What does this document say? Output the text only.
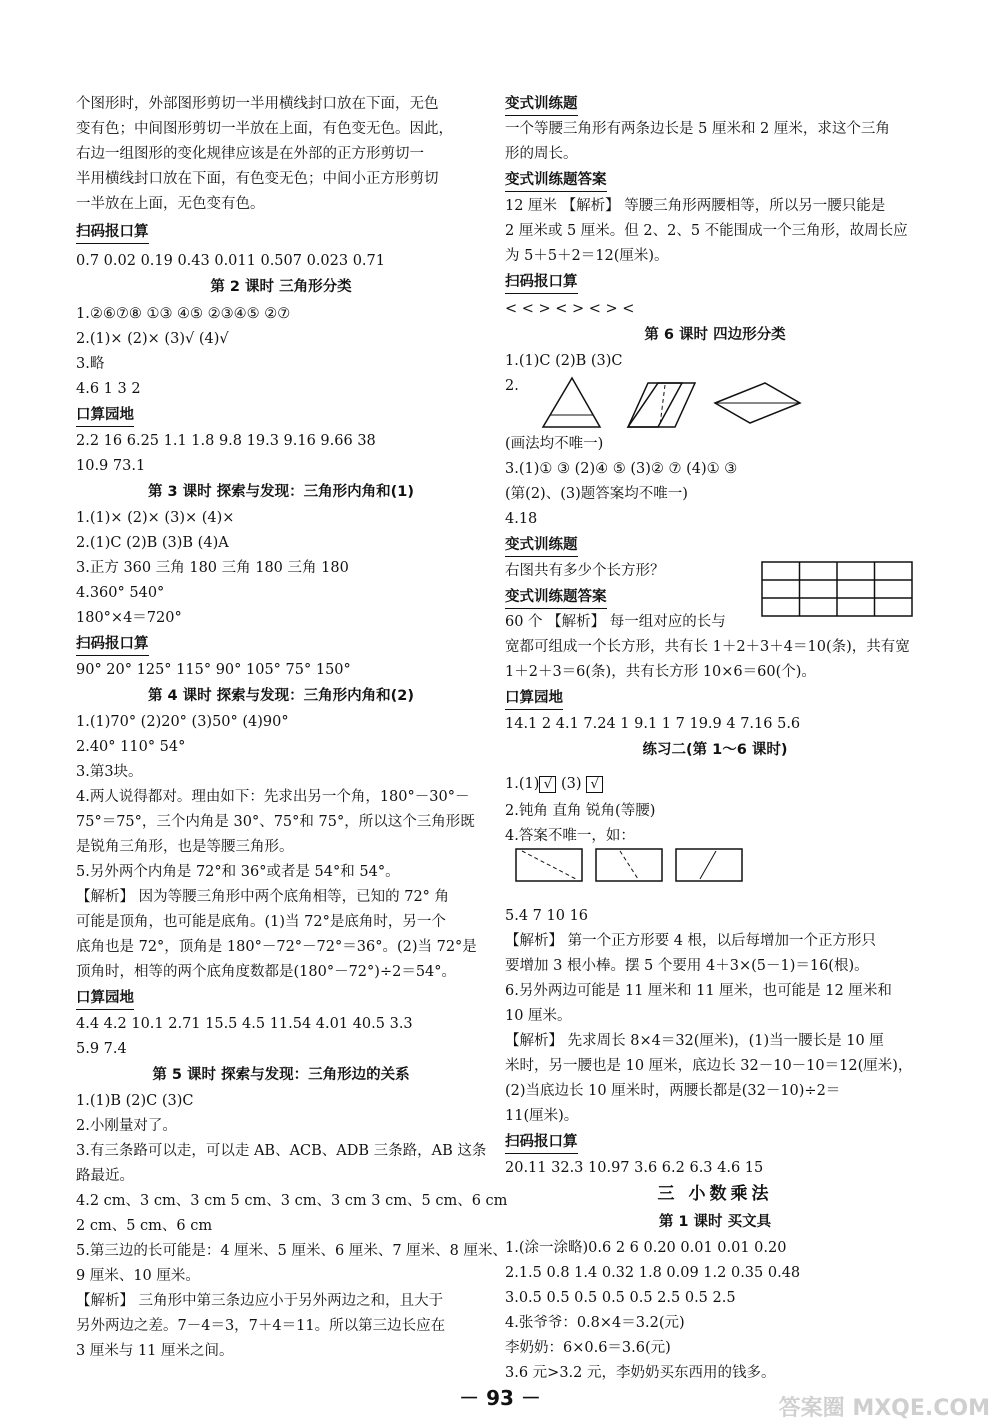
个图形时，外部图形剪切一半用横线封口放在下面，无色
变有色；中间图形剪切一半放在上面，有色变无色。因此，
右边一组图形的变化规律应该是在外部的正方形剪切一
半用横线封口放在下面，有色变无色；中间小正方形剪切
一半放在上面，无色变有色。
扫码报口算
0.7 0.02 0.19 0.43 0.011 0.507 0.023 0.71
第 2 课时 三角形分类
1.②⑥⑦⑧ ①③ ④⑤ ②③④⑤ ②⑦
2.(1)× (2)× (3)√ (4)√
3.略
4.6 1 3 2
口算园地
2.2 16 6.25 1.1 1.8 9.8 19.3 9.16 9.66 38
10.9 73.1
第 3 课时 探索与发现：三角形内角和(1)
1.(1)× (2)× (3)× (4)×
2.(1)C (2)B (3)B (4)A
3.正方 360 三角 180 三角 180 三角 180
4.360° 540°
180°×4＝720°
扫码报口算
90° 20° 125° 115° 90° 105° 75° 150°
第 4 课时 探索与发现：三角形内角和(2)
1.(1)70° (2)20° (3)50° (4)90°
2.40° 110° 54°
3.第3块。
4.两人说得都对。理由如下：先求出另一个角，180°－30°－
75°＝75°，三个内角是 30°、75°和 75°，所以这个三角形既
是锐角三角形，也是等腰三角形。
5.另外两个内角是 72°和 36°或者是 54°和 54°。
【解析】 因为等腰三角形中两个底角相等，已知的 72° 角
可能是顶角，也可能是底角。(1)当 72°是底角时，另一个
底角也是 72°，顶角是 180°－72°－72°＝36°。(2)当 72°是
顶角时，相等的两个底角度数都是(180°－72°)÷2＝54°。
口算园地
4.4 4.2 10.1 2.71 15.5 4.5 11.54 4.01 40.5 3.3
5.9 7.4
第 5 课时 探索与发现：三角形边的关系
1.(1)B (2)C (3)C
2.小刚量对了。
3.有三条路可以走，可以走 AB、ACB、ADB 三条路，AB 这条
路最近。
4.2 cm、3 cm、3 cm 5 cm、3 cm、3 cm 3 cm、5 cm、6 cm
2 cm、5 cm、6 cm
5.第三边的长可能是：4 厘米、5 厘米、6 厘米、7 厘米、8 厘米、
9 厘米、10 厘米。
【解析】 三角形中第三条边应小于另外两边之和，且大于
另外两边之差。7－4＝3，7＋4＝11。所以第三边长应在
3 厘米与 11 厘米之间。
1.(1) √ (3) √
变式训练题
一个等腰三角形有两条边长是 5 厘米和 2 厘米，求这个三角
形的周长。
变式训练题答案
12 厘米 【解析】 等腰三角形两腰相等，所以另一腰只能是
2 厘米或 5 厘米。但 2、2、5 不能围成一个三角形，故周长应
为 5＋5＋2＝12(厘米)。
扫码报口算
< < > < > < > <
第 6 课时 四边形分类
1.(1)C (2)B (3)C
2.
(画法均不唯一)
3.(1)① ③ (2)④ ⑤ (3)② ⑦ (4)① ③
(第(2)、(3)题答案均不唯一)
4.18
变式训练题
右图共有多少个长方形？
变式训练题答案
60 个 【解析】 每一组对应的长与
宽都可组成一个长方形，共有长 1＋2＋3＋4＝10(条)，共有宽
1＋2＋3＝6(条)，共有长方形 10×6＝60(个)。
口算园地
14.1 2 4.1 7.24 1 9.1 1 7 19.9 4 7.16 5.6
练习二(第 1～6 课时)
2.钝角 直角 锐角(等腰)
4.答案不唯一，如：
5.4 7 10 16
【解析】 第一个正方形要 4 根，以后每增加一个正方形只
要增加 3 根小棒。摆 5 个要用 4＋3×(5－1)＝16(根)。
6.另外两边可能是 11 厘米和 11 厘米，也可能是 12 厘米和
10 厘米。
【解析】 先求周长 8×4＝32(厘米)，(1)当一腰长是 10 厘
米时，另一腰也是 10 厘米，底边长 32－10－10＝12(厘米)，
(2)当底边长 10 厘米时，两腰长都是(32－10)÷2＝
11(厘米)。
扫码报口算
20.11 32.3 10.97 3.6 6.2 6.3 4.6 15
三 小数乘法
第 1 课时 买文具
1.(涂一涂略)0.6 2 6 0.20 0.01 0.01 0.20
2.1.5 0.8 1.4 0.32 1.8 0.09 1.2 0.35 0.48
3.0.5 0.5 0.5 0.5 0.5 2.5 0.5 2.5
4.张爷爷：0.8×4＝3.2(元)
李奶奶：6×0.6＝3.6(元)
3.6 元>3.2 元，李奶奶买东西用的钱多。
－ 93 －	答案圈 MXQE.COM
